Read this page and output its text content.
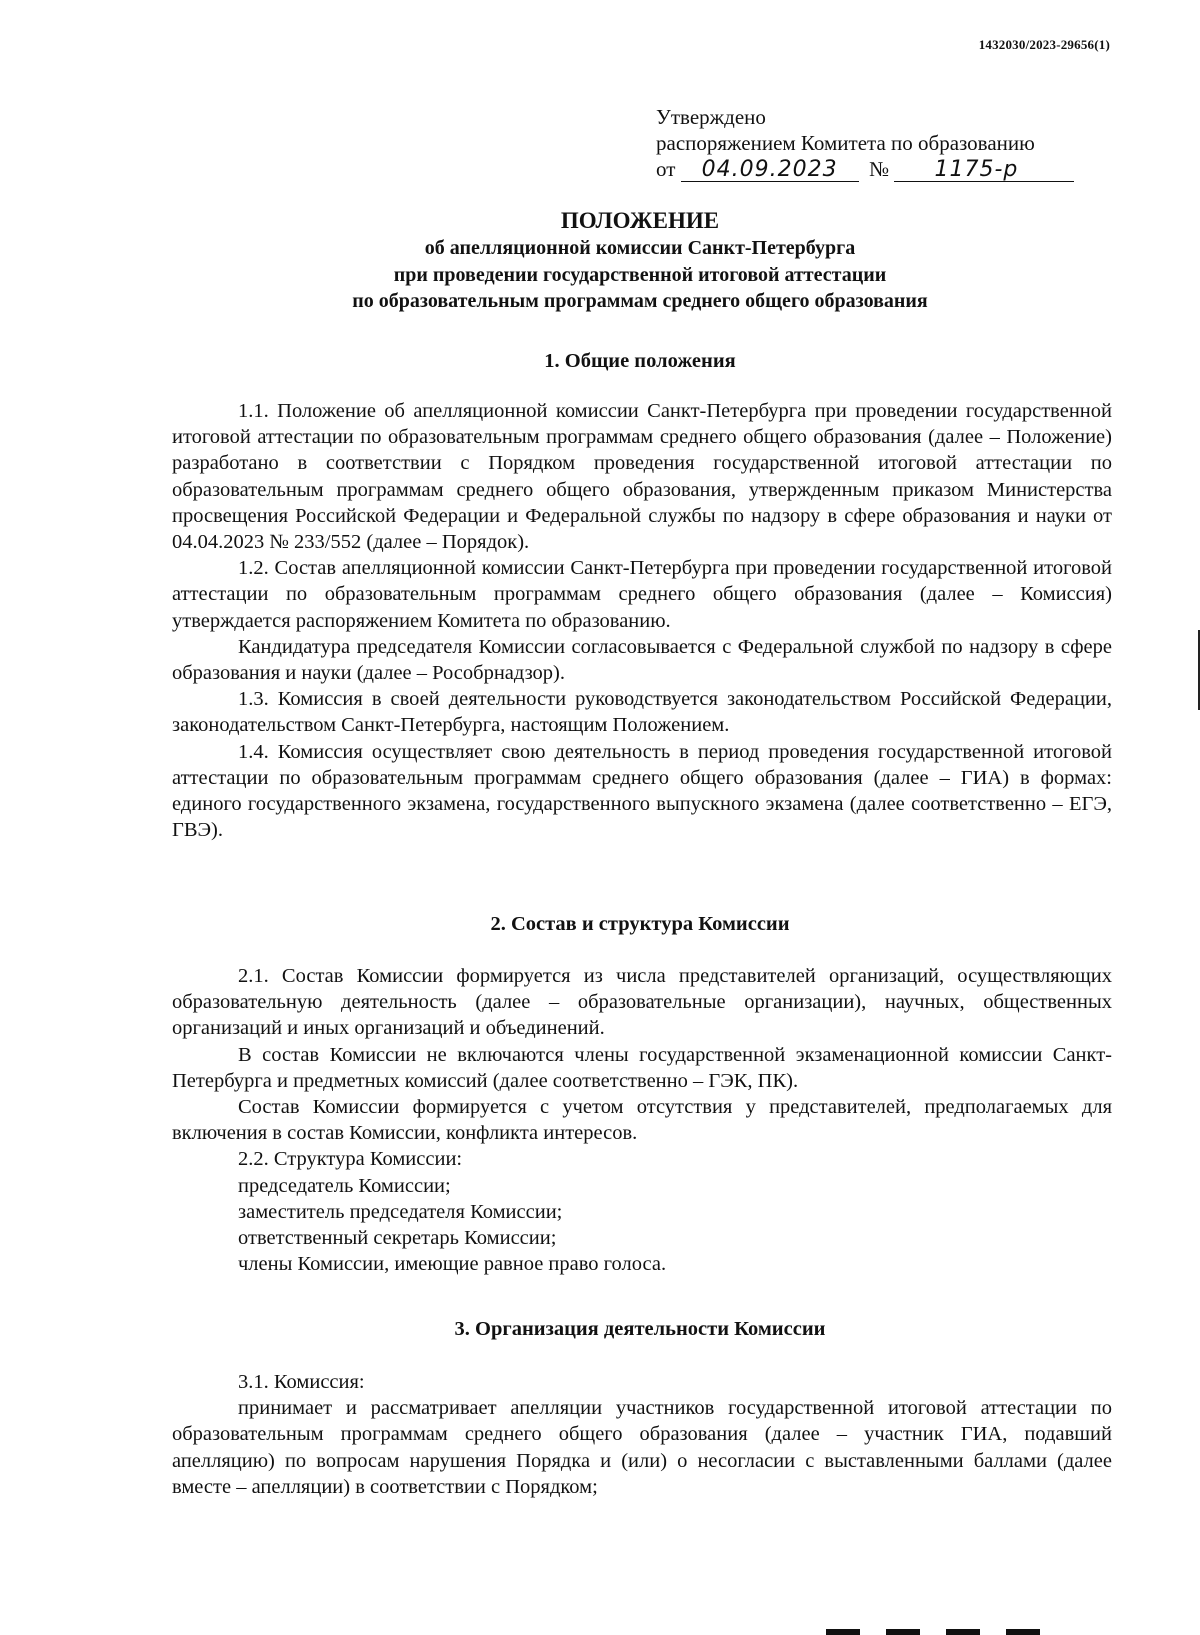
1432030/2023-29656(1)
Утверждено
распоряжением Комитета по образованию
от 04.09.2023 № 1175-р
ПОЛОЖЕНИЕ
об апелляционной комиссии Санкт-Петербурга
при проведении государственной итоговой аттестации
по образовательным программам среднего общего образования
1. Общие положения

1.1. Положение об апелляционной комиссии Санкт-Петербурга при проведении государственной итоговой аттестации по образовательным программам среднего общего образования (далее – Положение) разработано в соответствии с Порядком проведения государственной итоговой аттестации по образовательным программам среднего общего образования, утвержденным приказом Министерства просвещения Российской Федерации и Федеральной службы по надзору в сфере образования и науки от 04.04.2023 № 233/552 (далее – Порядок).

1.2. Состав апелляционной комиссии Санкт-Петербурга при проведении государственной итоговой аттестации по образовательным программам среднего общего образования (далее – Комиссия) утверждается распоряжением Комитета по образованию.

Кандидатура председателя Комиссии согласовывается с Федеральной службой по надзору в сфере образования и науки (далее – Рособрнадзор).

1.3. Комиссия в своей деятельности руководствуется законодательством Российской Федерации, законодательством Санкт-Петербурга, настоящим Положением.

1.4. Комиссия осуществляет свою деятельность в период проведения государственной итоговой аттестации по образовательным программам среднего общего образования (далее – ГИА) в формах: единого государственного экзамена, государственного выпускного экзамена (далее соответственно – ЕГЭ, ГВЭ).

2. Состав и структура Комиссии

2.1. Состав Комиссии формируется из числа представителей организаций, осуществляющих образовательную деятельность (далее – образовательные организации), научных, общественных организаций и иных организаций и объединений.

В состав Комиссии не включаются члены государственной экзаменационной комиссии Санкт-Петербурга и предметных комиссий (далее соответственно – ГЭК, ПК).

Состав Комиссии формируется с учетом отсутствия у представителей, предполагаемых для включения в состав Комиссии, конфликта интересов.

2.2. Структура Комиссии:

председатель Комиссии;

заместитель председателя Комиссии;

ответственный секретарь Комиссии;

члены Комиссии, имеющие равное право голоса.

3. Организация деятельности Комиссии

3.1. Комиссия:

принимает и рассматривает апелляции участников государственной итоговой аттестации по образовательным программам среднего общего образования (далее – участник ГИА, подавший апелляцию) по вопросам нарушения Порядка и (или) о несогласии с выставленными баллами (далее вместе – апелляции) в соответствии с Порядком;
